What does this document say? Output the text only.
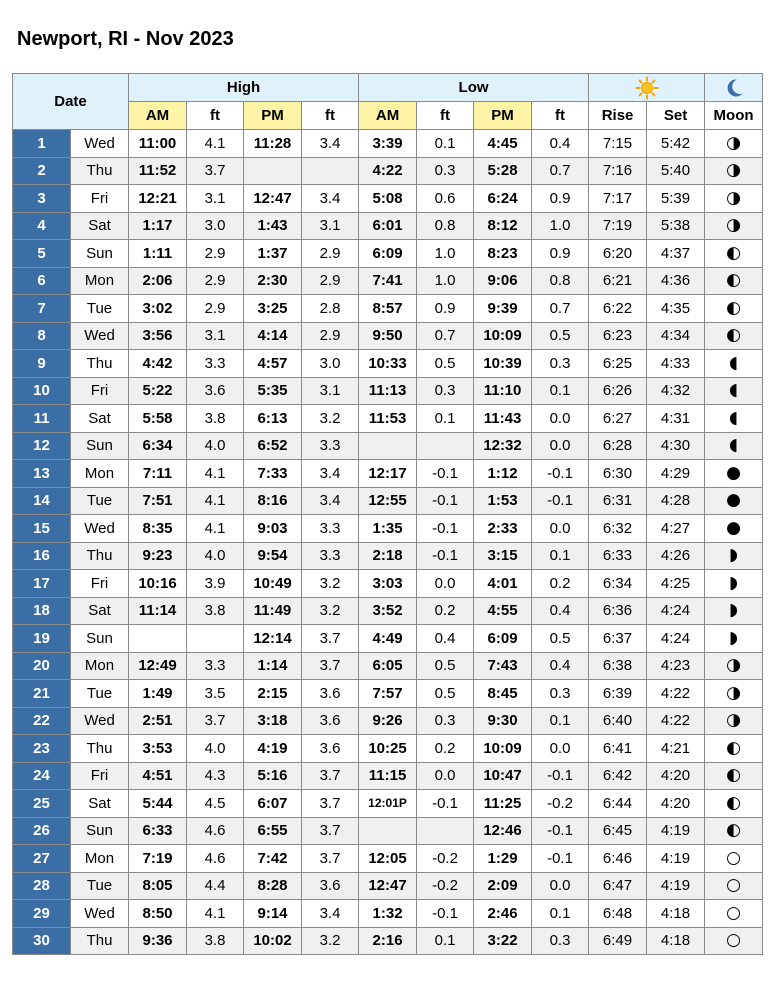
Newport, RI - Nov 2023
Date		High				Low	

		AM	ft	PM	ft	AM	ft	PM	ft	Rise	Set	Moon
1	Wed	11:00	4.1	11:28	3.4	3:39	0.1	4:45	0.4	7:15	5:42	◑
2	Thu	11:52	3.7			4:22	0.3	5:28	0.7	7:16	5:40	◑
3	Fri	12:21	3.1	12:47	3.4	5:08	0.6	6:24	0.9	7:17	5:39	◑
4	Sat	1:17	3.0	1:43	3.1	6:01	0.8	8:12	1.0	7:19	5:38	◑
5	Sun	1:11	2.9	1:37	2.9	6:09	1.0	8:23	0.9	6:20	4:37	◐
6	Mon	2:06	2.9	2:30	2.9	7:41	1.0	9:06	0.8	6:21	4:36	◐
7	Tue	3:02	2.9	3:25	2.8	8:57	0.9	9:39	0.7	6:22	4:35	◐
8	Wed	3:56	3.1	4:14	2.9	9:50	0.7	10:09	0.5	6:23	4:34	◐
9	Thu	4:42	3.3	4:57	3.0	10:33	0.5	10:39	0.3	6:25	4:33	◖
10	Fri	5:22	3.6	5:35	3.1	11:13	0.3	11:10	0.1	6:26	4:32	◖
11	Sat	5:58	3.8	6:13	3.2	11:53	0.1	11:43	0.0	6:27	4:31	◖
12	Sun	6:34	4.0	6:52	3.3			12:32	0.0	6:28	4:30	◖
13	Mon	7:11	4.1	7:33	3.4	12:17	-0.1	1:12	-0.1	6:30	4:29	●
14	Tue	7:51	4.1	8:16	3.4	12:55	-0.1	1:53	-0.1	6:31	4:28	●
15	Wed	8:35	4.1	9:03	3.3	1:35	-0.1	2:33	0.0	6:32	4:27	●
16	Thu	9:23	4.0	9:54	3.3	2:18	-0.1	3:15	0.1	6:33	4:26	◗
17	Fri	10:16	3.9	10:49	3.2	3:03	0.0	4:01	0.2	6:34	4:25	◗
18	Sat	11:14	3.8	11:49	3.2	3:52	0.2	4:55	0.4	6:36	4:24	◗
19	Sun			12:14	3.7	4:49	0.4	6:09	0.5	6:37	4:24	◗
20	Mon	12:49	3.3	1:14	3.7	6:05	0.5	7:43	0.4	6:38	4:23	◑
21	Tue	1:49	3.5	2:15	3.6	7:57	0.5	8:45	0.3	6:39	4:22	◑
22	Wed	2:51	3.7	3:18	3.6	9:26	0.3	9:30	0.1	6:40	4:22	◑
23	Thu	3:53	4.0	4:19	3.6	10:25	0.2	10:09	0.0	6:41	4:21	◐
24	Fri	4:51	4.3	5:16	3.7	11:15	0.0	10:47	-0.1	6:42	4:20	◐
25	Sat	5:44	4.5	6:07	3.7	12:01P	-0.1	11:25	-0.2	6:44	4:20	◐
26	Sun	6:33	4.6	6:55	3.7			12:46	-0.1	6:45	4:19	◐
27	Mon	7:19	4.6	7:42	3.7	12:05	-0.2	1:29	-0.1	6:46	4:19	○
28	Tue	8:05	4.4	8:28	3.6	12:47	-0.2	2:09	0.0	6:47	4:19	○
29	Wed	8:50	4.1	9:14	3.4	1:32	-0.1	2:46	0.1	6:48	4:18	○
30	Thu	9:36	3.8	10:02	3.2	2:16	0.1	3:22	0.3	6:49	4:18	○
